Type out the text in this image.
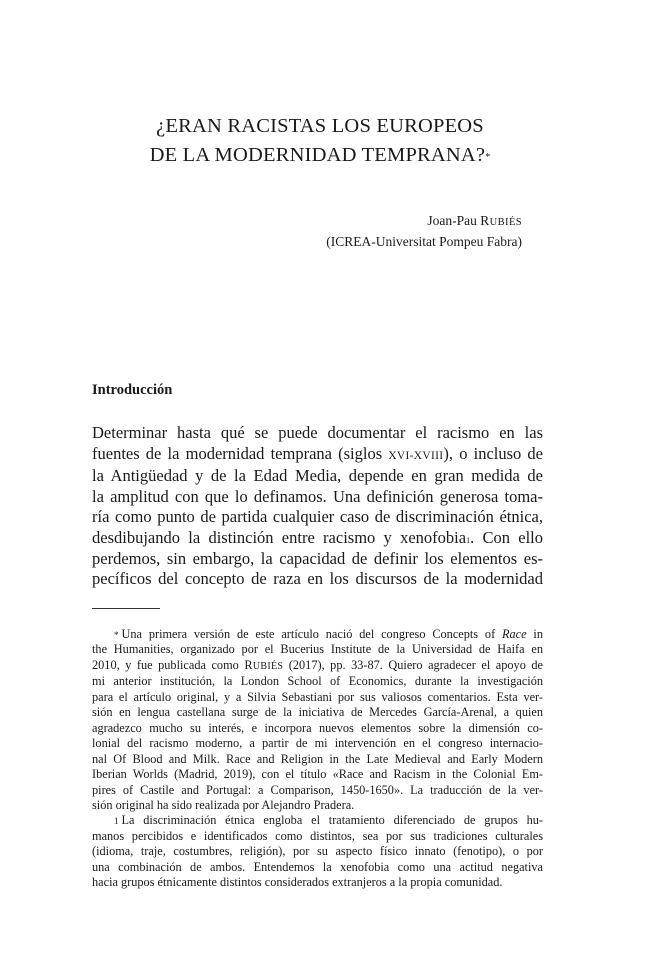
¿ERAN RACISTAS LOS EUROPEOS
DE LA MODERNIDAD TEMPRANA?*
Joan-Pau RUBIÉS
(ICREA-Universitat Pompeu Fabra)
Introducción
Determinar hasta qué se puede documentar el racismo en las
fuentes de la modernidad temprana (siglos XVI-XVIII), o incluso de
la Antigüedad y de la Edad Media, depende en gran medida de
la amplitud con que lo definamos. Una definición generosa toma-
ría como punto de partida cualquier caso de discriminación étnica,
desdibujando la distinción entre racismo y xenofobia$^1$. Con ello
perdemos, sin embargo, la capacidad de definir los elementos es-
pecíficos del concepto de raza en los discursos de la modernidad
* Una primera versión de este artículo nació del congreso Concepts of Race in
the Humanities, organizado por el Bucerius Institute de la Universidad de Haifa en
2010, y fue publicada como RUBIÉS (2017), pp. 33-87. Quiero agradecer el apoyo de
mi anterior institución, la London School of Economics, durante la investigación
para el artículo original, y a Silvia Sebastiani por sus valiosos comentarios. Esta ver-
sión en lengua castellana surge de la iniciativa de Mercedes García-Arenal, a quien
agradezco mucho su interés, e incorpora nuevos elementos sobre la dimensión co-
lonial del racismo moderno, a partir de mi intervención en el congreso internacio-
nal Of Blood and Milk. Race and Religion in the Late Medieval and Early Modern
Iberian Worlds (Madrid, 2019), con el título «Race and Racism in the Colonial Em-
pires of Castile and Portugal: a Comparison, 1450-1650». La traducción de la ver-
sión original ha sido realizada por Alejandro Pradera.
$^1$ La discriminación étnica engloba el tratamiento diferenciado de grupos hu-
manos percibidos e identificados como distintos, sea por sus tradiciones culturales
(idioma, traje, costumbres, religión), por su aspecto físico innato (fenotipo), o por
una combinación de ambos. Entendemos la xenofobia como una actitud negativa
hacia grupos étnicamente distintos considerados extranjeros a la propia comunidad.
